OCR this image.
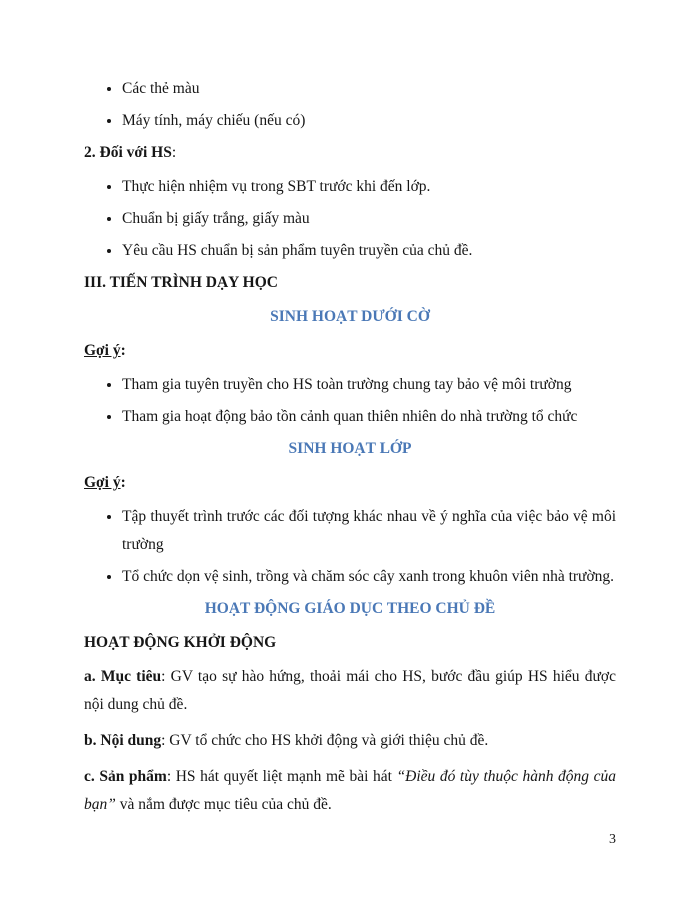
• Các thẻ màu
• Máy tính, máy chiếu (nếu có)

2. Đối với HS:

• Thực hiện nhiệm vụ trong SBT trước khi đến lớp.
• Chuẩn bị giấy trắng, giấy màu
• Yêu cầu HS chuẩn bị sản phẩm tuyên truyền của chủ đề.

III. TIẾN TRÌNH DẠY HỌC

SINH HOẠT DƯỚI CỜ

Gợi ý:

• Tham gia tuyên truyền cho HS toàn trường chung tay bảo vệ môi trường
• Tham gia hoạt động bảo tồn cảnh quan thiên nhiên do nhà trường tổ chức

SINH HOẠT LỚP

Gợi ý:

• Tập thuyết trình trước các đối tượng khác nhau về ý nghĩa của việc bảo vệ môi trường
• Tổ chức dọn vệ sinh, trồng và chăm sóc cây xanh trong khuôn viên nhà trường.

HOẠT ĐỘNG GIÁO DỤC THEO CHỦ ĐỀ

HOẠT ĐỘNG KHỞI ĐỘNG

a. Mục tiêu: GV tạo sự hào hứng, thoải mái cho HS, bước đầu giúp HS hiểu được nội dung chủ đề.

b. Nội dung: GV tổ chức cho HS khởi động và giới thiệu chủ đề.

c. Sản phẩm: HS hát quyết liệt mạnh mẽ bài hát “Điều đó tùy thuộc hành động của bạn” và nắm được mục tiêu của chủ đề.

3
